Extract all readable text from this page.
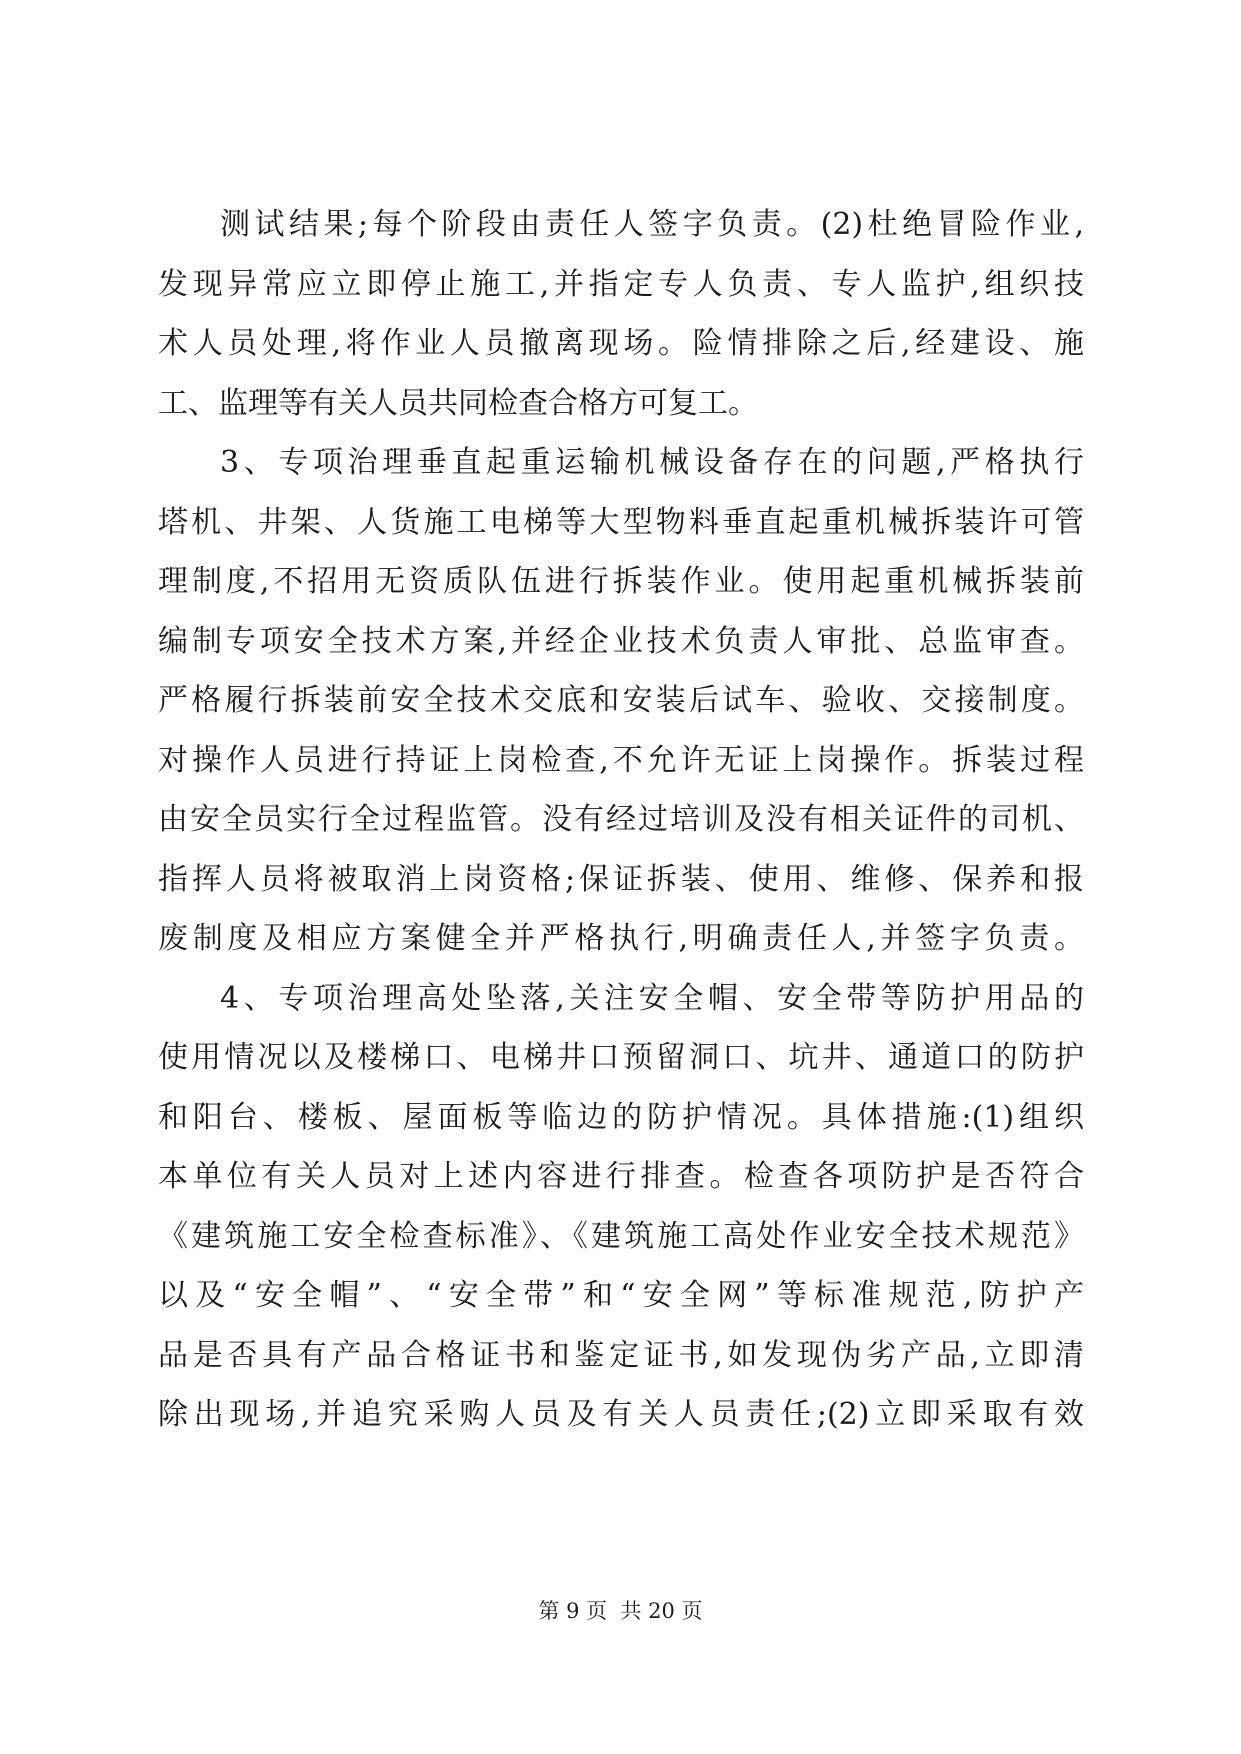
测试结果;每个阶段由责任人签字负责。(2)杜绝冒险作业,
发现异常应立即停止施工,并指定专人负责、专人监护,组织技
术人员处理,将作业人员撤离现场。险情排除之后,经建设、施
工、监理等有关人员共同检查合格方可复工。
3、专项治理垂直起重运输机械设备存在的问题,严格执行
塔机、井架、人货施工电梯等大型物料垂直起重机械拆装许可管
理制度,不招用无资质队伍进行拆装作业。使用起重机械拆装前
编制专项安全技术方案,并经企业技术负责人审批、总监审查。
严格履行拆装前安全技术交底和安装后试车、验收、交接制度。
对操作人员进行持证上岗检查,不允许无证上岗操作。拆装过程
由安全员实行全过程监管。没有经过培训及没有相关证件的司机、
指挥人员将被取消上岗资格;保证拆装、使用、维修、保养和报
废制度及相应方案健全并严格执行,明确责任人,并签字负责。
4、专项治理高处坠落,关注安全帽、安全带等防护用品的
使用情况以及楼梯口、电梯井口预留洞口、坑井、通道口的防护
和阳台、楼板、屋面板等临边的防护情况。具体措施:(1)组织
本单位有关人员对上述内容进行排查。检查各项防护是否符合
《建筑施工安全检查标准》、《建筑施工高处作业安全技术规范》
以及“安全帽”、“安全带”和“安全网”等标准规范,防护产
品是否具有产品合格证书和鉴定证书,如发现伪劣产品,立即清
除出现场,并追究采购人员及有关人员责任;(2)立即采取有效
第 9 页  共 20 页
